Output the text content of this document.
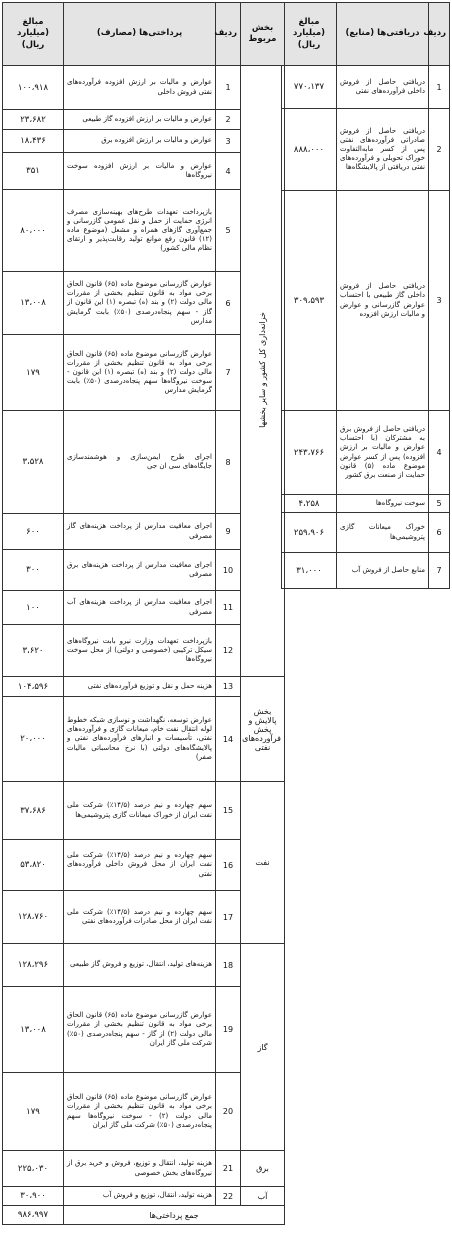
ردیف	دریافتی‌ها (منابع)	مبالغ (میلیارد ریال)
1	دریافتی حاصل از فروش داخلی فرآورده‌های نفتی	۷۷۰،۱۳۷
2	دریافتی حاصل از فروش صادراتی فرآورده‌های نفتی پس از کسر ما‌به‌التفاوت خوراک تحویلی و فرآورده‌های نفتی دریافتی از پالایشگاه‌ها	۸۸۸،۰۰۰
3	دریافتی حاصل از فروش داخلی گاز طبیعی با احتساب عوارض گازرسانی و عوارض و مالیات ارزش افزوده	۳۰۹،۵۹۳
4	دریافتی حاصل از فروش برق به مشترکان (با احتساب عوارض و مالیات بر ارزش افزوده) پس از کسر عوارض موضوع ماده (۵) قانون حمایت از صنعت برق کشور	۲۴۳،۷۶۶
5	سوخت نیروگاه‌ها	۴،۲۵۸
6	خوراک میعانات گازی پتروشیمی‌ها	۲۵۹،۹۰۶
7	منابع حاصل از فروش آب	۳۱،۰۰۰
بخش مربوط	ردیف	پرداختی‌ها (مصارف)	مبالغ (میلیارد ریال)
خزانه‌داری کل کشور و سایر بخشها	1	عوارض و مالیات بر ارزش افزوده فرآورده‌های نفتی فروش داخلی	۱۰۰،۹۱۸
	2	عوارض و مالیات بر ارزش افزوده گاز طبیعی	۲۳،۶۸۲
	3	عوارض و مالیات بر ارزش افزوده برق	۱۸،۴۳۶
	4	عوارض و مالیات بر ارزش افزوده سوخت نیروگاه‌ها	۳۵۱
	5	بازپرداخت تعهدات طرح‌های بهینه‌سازی مصرف انرژی حمایت از حمل و نقل عمومی گازرسانی و جمع‌آوری گازهای همراه و مشعل (موضوع ماده (۱۲) قانون رفع موانع تولید رقابت‌پذیر و ارتقای نظام مالی کشور)	۸۰،۰۰۰
	6	عوارض گازرسانی موضوع ماده (۶۵) قانون الحاق برخی مواد به قانون تنظیم بخشی از مقررات مالی دولت (۲) و بند (ه) تبصره (۱) این قانون از گاز - سهم پنجاه‌درصدی (۵۰٪) بابت گرمایش مدارس	۱۳،۰۰۸
	7	عوارض گازرسانی موضوع ماده (۶۵) قانون الحاق برخی مواد به قانون تنظیم بخشی از مقررات مالی دولت (۲) و بند (ه) تبصره (۱) این قانون - سوخت نیروگاه‌ها سهم پنجاه‌درصدی (۵۰٪) بابت گرمایش مدارس	۱۷۹
	8	اجرای طرح ایمن‌سازی و هوشمندسازی جایگاه‌های سی ان جی	۳،۵۲۸
	9	اجرای معافیت مدارس از پرداخت هزینه‌های گاز مصرفی	۶۰۰
	10	اجرای معافیت مدارس از پرداخت هزینه‌های برق مصرفی	۳۰۰
	11	اجرای معافیت مدارس از پرداخت هزینه‌های آب مصرفی	۱۰۰
	12	بازپرداخت تعهدات وزارت نیرو بابت نیروگاه‌های سیکل ترکیبی (خصوصی و دولتی) از محل سوخت نیروگاه‌ها	۳،۶۲۰
بخش پالایش و پخش فرآورده‌های نفتی	13	هزینه حمل و نقل و توزیع فرآورده‌های نفتی	۱۰۴،۵۹۶
	14	عوارض توسعه، نگهداشت و نوسازی شبکه خطوط لوله انتقال نفت خام، میعانات گازی و فرآورده‌های نفتی، تأسیسات و انبارهای فرآورده‌های نفتی و پالایشگاه‌های دولتی (با نرخ محاسباتی مالیات صفر)	۲۰،۰۰۰
نفت	15	سهم چهارده و نیم درصد (۱۴/۵٪) شرکت ملی نفت ایران از خوراک میعانات گازی پتروشیمی‌ها	۳۷،۶۸۶
	16	سهم چهارده و نیم درصد (۱۴/۵٪) شرکت ملی نفت ایران از محل فروش داخلی فرآورده‌های نفتی	۵۳،۸۲۰
	17	سهم چهارده و نیم درصد (۱۴/۵٪) شرکت ملی نفت ایران از محل صادرات فرآورده‌های نفتی	۱۲۸،۷۶۰
گاز	18	هزینه‌های تولید، انتقال، توزیع و فروش گاز طبیعی	۱۲۸،۲۹۶
	19	عوارض گازرسانی موضوع ماده (۶۵) قانون الحاق برخی مواد به قانون تنظیم بخشی از مقررات مالی دولت (۲) از گاز - سهم پنجاه‌درصدی (۵۰٪) شرکت ملی گاز ایران	۱۳،۰۰۸
	20	عوارض گازرسانی موضوع ماده (۶۵) قانون الحاق برخی مواد به قانون تنظیم بخشی از مقررات مالی دولت (۲) - سوخت نیروگاه‌ها سهم پنجاه‌درصدی (۵۰٪) شرکت ملی گاز ایران	۱۷۹
برق	21	هزینه تولید، انتقال و توزیع، فروش و خرید برق از نیروگاه‌های بخش خصوصی	۲۲۵،۰۳۰
آب	22	هزینه تولید، انتقال، توزیع و فروش آب	۳۰،۹۰۰
جمع پرداختی‌ها			۹۸۶،۹۹۷
